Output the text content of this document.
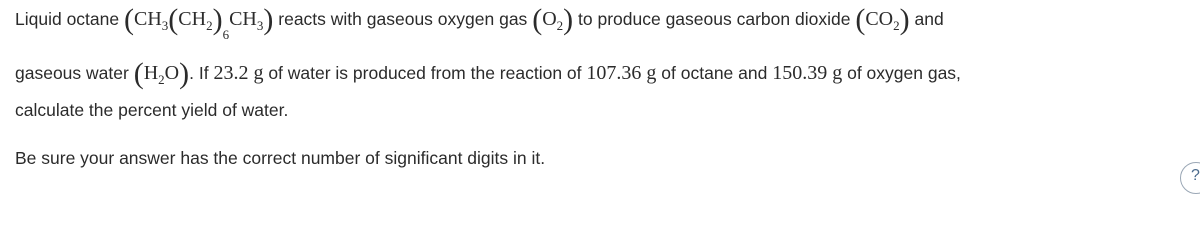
Liquid octane $(CH_3(CH_2)_6CH_3)$ reacts with gaseous oxygen gas $(O_2)$ to produce gaseous carbon dioxide $(CO_2)$ and
gaseous water $(H_2O)$. If 23.2 g of water is produced from the reaction of 107.36 g of octane and 150.39 g of oxygen gas,
calculate the percent yield of water.
Be sure your answer has the correct number of significant digits in it.
?
